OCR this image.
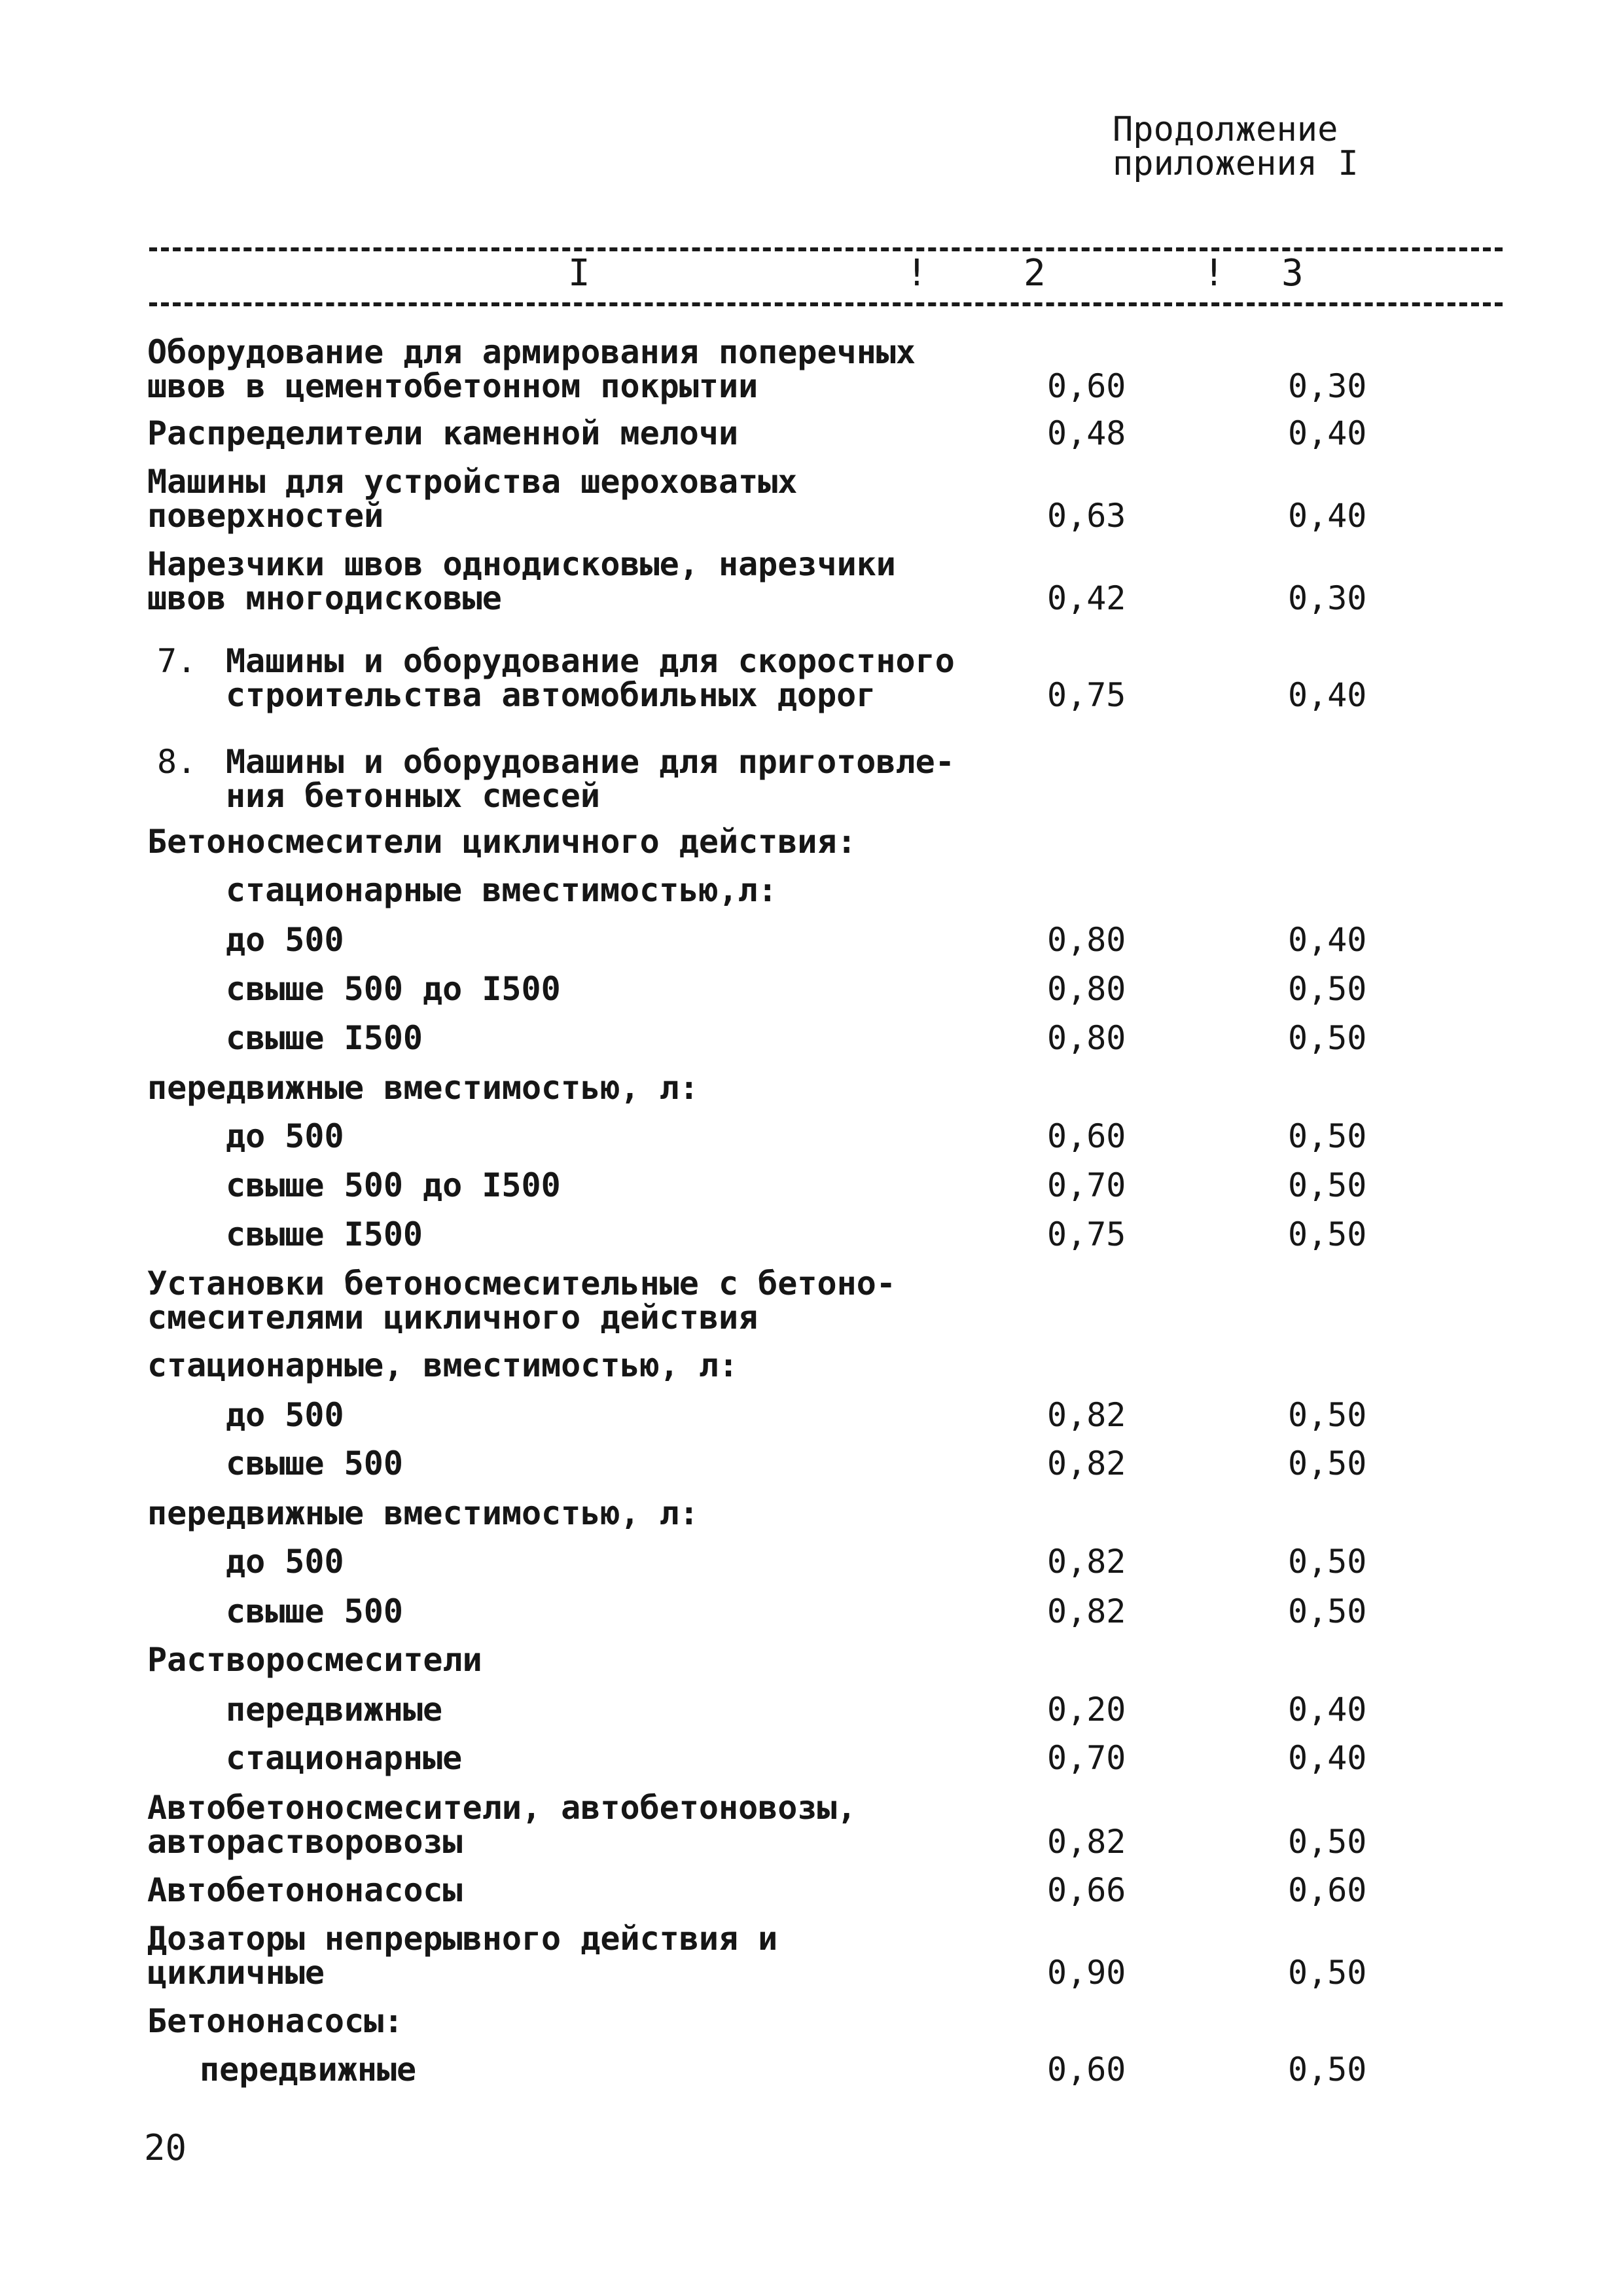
Продолжение
приложения I
I	!	2	! 3
Оборудование для армирования поперечных
швов в цементобетонном покрытии	0,60	0,30
Распределители каменной мелочи	0,48	0,40
Машины для устройства шероховатых
поверхностей	0,63	0,40
Нарезчики швов однодисковые, нарезчики
швов многодисковые	0,42	0,30
7. Машины и оборудование для скоростного
строительства автомобильных дорог	0,75	0,40
8. Машины и оборудование для приготовле-
ния бетонных смесей
Бетоносмесители цикличного действия:
стационарные вместимостью,л:
до 500	0,80	0,40
свыше 500 до I500	0,80	0,50
свыше I500	0,80	0,50
передвижные вместимостью, л:
до 500	0,60	0,50
свыше 500 до I500	0,70	0,50
свыше I500	0,75	0,50
Установки бетоносмесительные с бетоно-
смесителями цикличного действия
стационарные, вместимостью, л:
до 500	0,82	0,50
свыше 500	0,82	0,50
передвижные вместимостью, л:
до 500	0,82	0,50
свыше 500	0,82	0,50
Растворосмесители
передвижные	0,20	0,40
стационарные	0,70	0,40
Автобетоносмесители, автобетоновозы,
авторастворовозы	0,82	0,50
Автобетононасосы	0,66	0,60
Дозаторы непрерывного действия и
цикличные	0,90	0,50
Бетононасосы:
передвижные	0,60	0,50
20
